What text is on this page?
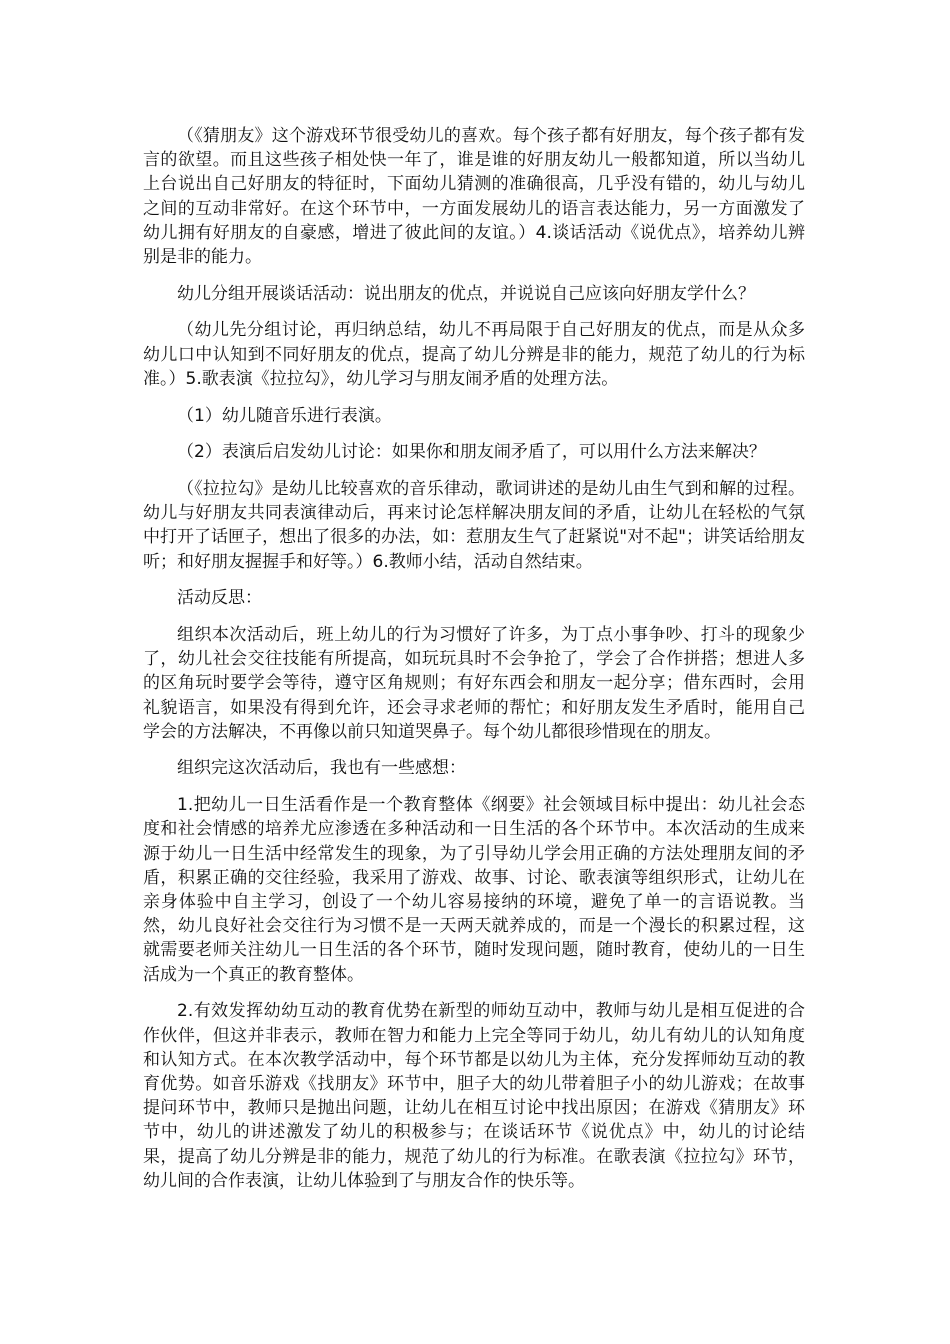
（《猜朋友》这个游戏环节很受幼儿的喜欢。每个孩子都有好朋友，每个孩子都有发言的欲望。而且这些孩子相处快一年了，谁是谁的好朋友幼儿一般都知道，所以当幼儿上台说出自己好朋友的特征时，下面幼儿猜测的准确很高，几乎没有错的，幼儿与幼儿之间的互动非常好。在这个环节中，一方面发展幼儿的语言表达能力，另一方面激发了幼儿拥有好朋友的自豪感，增进了彼此间的友谊。）4.谈话活动《说优点》，培养幼儿辨别是非的能力。

幼儿分组开展谈话活动：说出朋友的优点，并说说自己应该向好朋友学什么？

（幼儿先分组讨论，再归纳总结，幼儿不再局限于自己好朋友的优点，而是从众多幼儿口中认知到不同好朋友的优点，提高了幼儿分辨是非的能力，规范了幼儿的行为标准。）5.歌表演《拉拉勾》，幼儿学习与朋友闹矛盾的处理方法。

（1）幼儿随音乐进行表演。

（2）表演后启发幼儿讨论：如果你和朋友闹矛盾了，可以用什么方法来解决？

（《拉拉勾》是幼儿比较喜欢的音乐律动，歌词讲述的是幼儿由生气到和解的过程。幼儿与好朋友共同表演律动后，再来讨论怎样解决朋友间的矛盾，让幼儿在轻松的气氛中打开了话匣子，想出了很多的办法，如：惹朋友生气了赶紧说"对不起"；讲笑话给朋友听；和好朋友握握手和好等。）6.教师小结，活动自然结束。

活动反思：

组织本次活动后，班上幼儿的行为习惯好了许多，为丁点小事争吵、打斗的现象少了，幼儿社会交往技能有所提高，如玩玩具时不会争抢了，学会了合作拼搭；想进人多的区角玩时要学会等待，遵守区角规则；有好东西会和朋友一起分享；借东西时，会用礼貌语言，如果没有得到允许，还会寻求老师的帮忙；和好朋友发生矛盾时，能用自己学会的方法解决，不再像以前只知道哭鼻子。每个幼儿都很珍惜现在的朋友。

组织完这次活动后，我也有一些感想：

1.把幼儿一日生活看作是一个教育整体《纲要》社会领域目标中提出：幼儿社会态度和社会情感的培养尤应渗透在多种活动和一日生活的各个环节中。本次活动的生成来源于幼儿一日生活中经常发生的现象，为了引导幼儿学会用正确的方法处理朋友间的矛盾，积累正确的交往经验，我采用了游戏、故事、讨论、歌表演等组织形式，让幼儿在亲身体验中自主学习，创设了一个幼儿容易接纳的环境，避免了单一的言语说教。当然，幼儿良好社会交往行为习惯不是一天两天就养成的，而是一个漫长的积累过程，这就需要老师关注幼儿一日生活的各个环节，随时发现问题，随时教育，使幼儿的一日生活成为一个真正的教育整体。

2.有效发挥幼幼互动的教育优势在新型的师幼互动中，教师与幼儿是相互促进的合作伙伴，但这并非表示，教师在智力和能力上完全等同于幼儿，幼儿有幼儿的认知角度和认知方式。在本次教学活动中，每个环节都是以幼儿为主体，充分发挥师幼互动的教育优势。如音乐游戏《找朋友》环节中，胆子大的幼儿带着胆子小的幼儿游戏；在故事提问环节中，教师只是抛出问题，让幼儿在相互讨论中找出原因；在游戏《猜朋友》环节中，幼儿的讲述激发了幼儿的积极参与；在谈话环节《说优点》中，幼儿的讨论结果，提高了幼儿分辨是非的能力，规范了幼儿的行为标准。在歌表演《拉拉勾》环节，幼儿间的合作表演，让幼儿体验到了与朋友合作的快乐等。
